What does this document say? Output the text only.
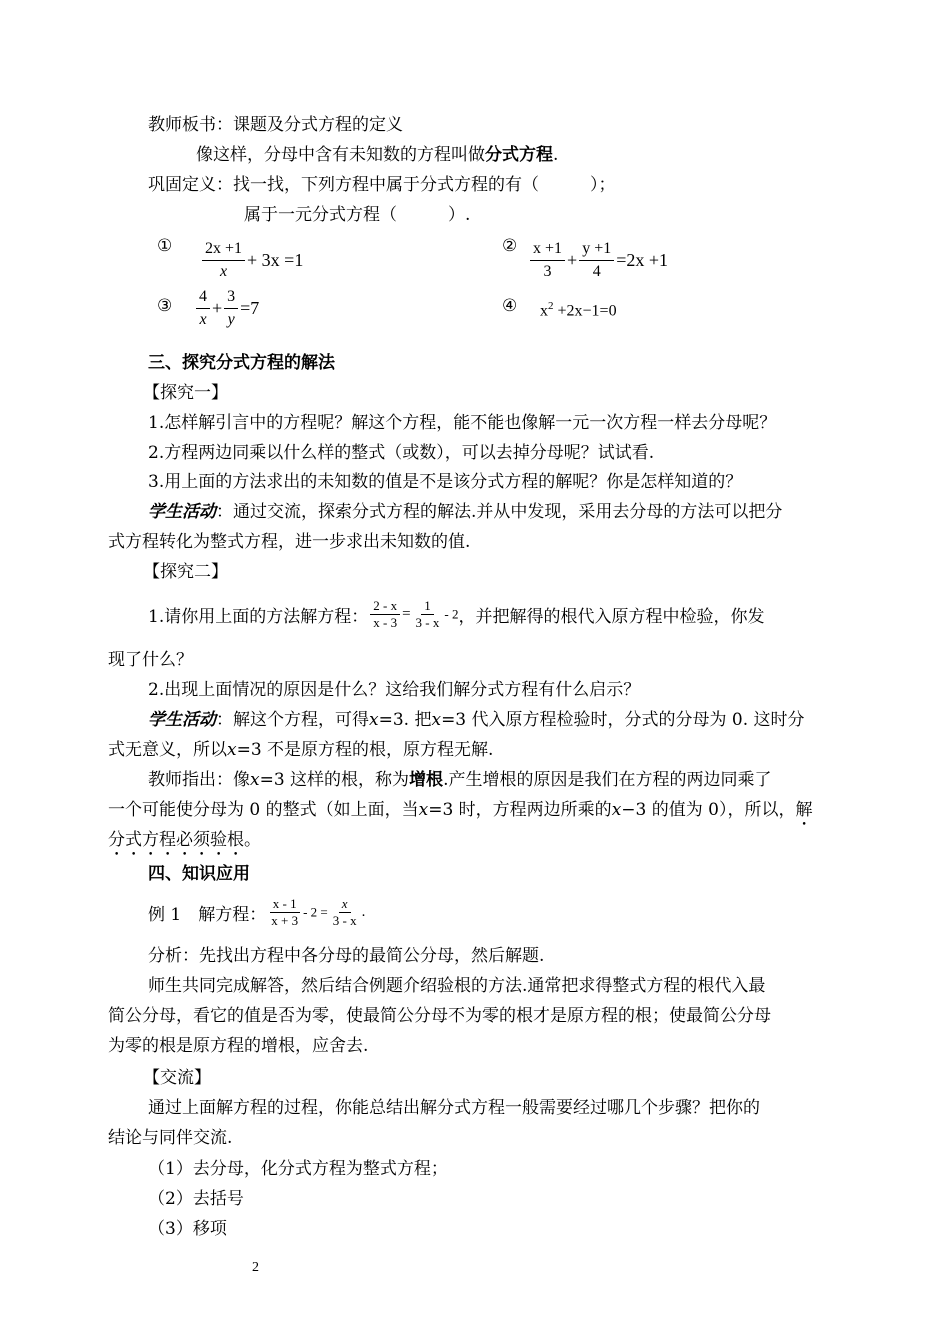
教师板书：课题及分式方程的定义
像这样，分母中含有未知数的方程叫做分式方程.
巩固定义：找一找，下列方程中属于分式方程的有（　　　）；
属于一元分式方程（　　　）.
① $\frac{2x +1}{x} + 3x =1$
② $\frac{x +1}{3} + \frac{y +1}{4} =2x +1$
③ $\frac{4}{x} + \frac{3}{y} =7$	④ $x^2 +2x-1=0$
三、探究分式方程的解法
【探究一】
1.怎样解引言中的方程呢？解这个方程，能不能也像解一元一次方程一样去分母呢？
2.方程两边同乘以什么样的整式（或数），可以去掉分母呢？试试看.
3.用上面的方法求出的未知数的值是不是该分式方程的解呢？你是怎样知道的？
学生活动：通过交流，探索分式方程的解法.并从中发现，采用去分母的方法可以把分
式方程转化为整式方程，进一步求出未知数的值.
【探究二】
1.请你用上面的方法解方程： $\frac{2 - x}{x - 3} = \frac{1}{3 - x} - 2$，并把解得的根代入原方程中检验，你发
现了什么？
2.出现上面情况的原因是什么？这给我们解分式方程有什么启示？
学生活动：解这个方程，可得x=3. 把x=3 代入原方程检验时，分式的分母为 0. 这时分
式无意义，所以x=3 不是原方程的根，原方程无解.
教师指出：像x=3 这样的根，称为增根.产生增根的原因是我们在方程的两边同乘了
一个可能使分母为 0 的整式（如上面，当x=3 时，方程两边所乘的x−3 的值为 0），所以，解
分式方程必须验根。
四、知识应用
例 1　解方程： $\frac{x - 1}{x + 3} - 2 = \frac{x}{3 - x}$ .
分析：先找出方程中各分母的最简公分母，然后解题.
师生共同完成解答，然后结合例题介绍验根的方法.通常把求得整式方程的根代入最
简公分母，看它的值是否为零，使最简公分母不为零的根才是原方程的根；使最简公分母
为零的根是原方程的增根，应舍去.
【交流】
通过上面解方程的过程，你能总结出解分式方程一般需要经过哪几个步骤？把你的
结论与同伴交流.
（1）去分母，化分式方程为整式方程；
（2）去括号
（3）移项
2
